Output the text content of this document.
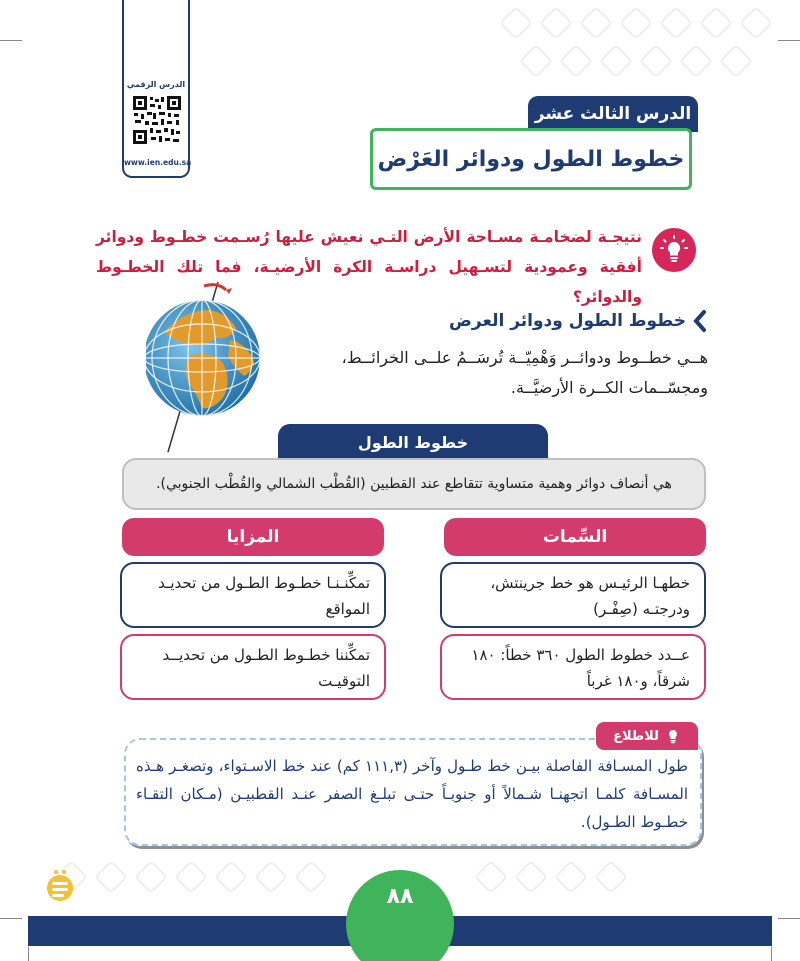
الدرس الرقمي
www.ien.edu.sa
الدرس الثالث عشر
خطوط الطول ودوائر العَرْض
نتيجـة لضخامـة مسـاحة الأرض التـي نعيش عليها رُسـمت خطـوط ودوائر أفقية وعمودية لتسـهيل دراسـة الكرة الأرضيـة، فما تلك الخطـوط والدوائر؟
خطوط الطول ودوائر العرض
هــي خطــوط ودوائــر وَهْمِيّــة تُرسَــمُ علــى الخرائــط، ومجسّــمات الكــرة الأرضيَّــة.
خطوط الطول
هي أنصاف دوائر وهمية متساوية تتقاطع عند القطبين (القُطْب الشمالي والقُطْب الجنوبي).
السِّمات
خطهـا الرئيـس هو خط جرينتش، ودرجتـه (صِفْـر)
عــدد خطوط الطول ٣٦٠ خطاً: ١٨٠ شرقاً، و١٨٠ غرباً
المزايا
تمكِّنـنـا خطـوط الطـول من تحديـد المواقع
تمكِّننا خطـوط الطـول من تحديــد التوقيـت
للاطلاع
طول المسـافة الفاصلة بيـن خط طـول وآخر (١١١,٣ كم) عند خط الاسـتواء، وتصغـر هـذه المسـافة كلمـا اتجهنـا شـمالاً أو جنوبـاً حتـى تبلـغ الصفر عنـد القطبيـن (مـكان التقـاء خطـوط الطـول).
٨٨
